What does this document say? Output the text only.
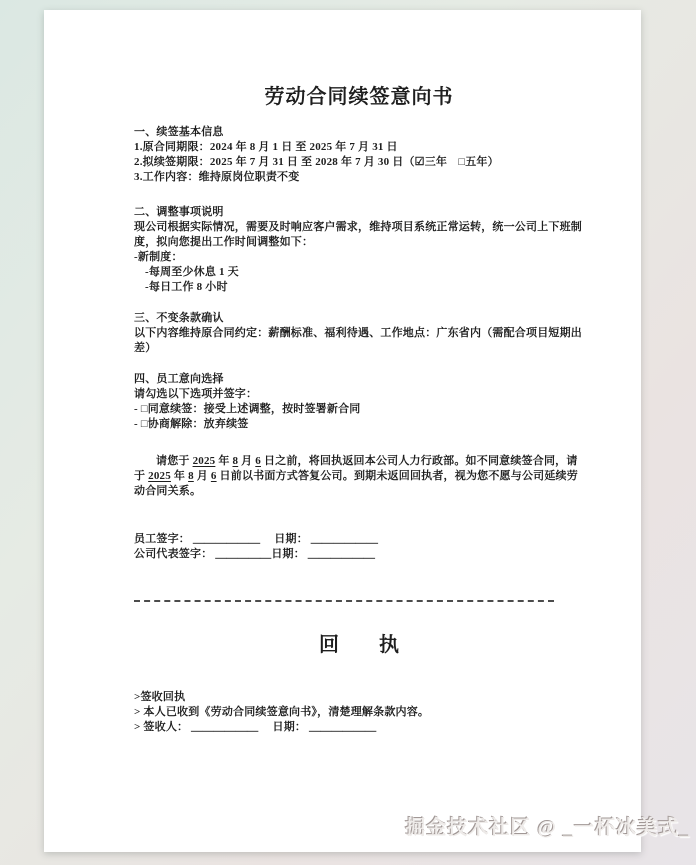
劳动合同续签意向书

一、续签基本信息

1.原合同期限：2024 年 8 月 1 日 至 2025 年 7 月 31 日

2.拟续签期限：2025 年 7 月 31 日 至 2028 年 7 月 30 日（☑三年　□五年）

3.工作内容：维持原岗位职责不变

二、调整事项说明

现公司根据实际情况，需要及时响应客户需求，维持项目系统正常运转，统一公司上下班制度，拟向您提出工作时间调整如下：

-新制度：

-每周至少休息 1 天

-每日工作 8 小时

三、不变条款确认

以下内容维持原合同约定：薪酬标准、福利待遇、工作地点：广东省内（需配合项目短期出差）

四、员工意向选择

请勾选以下选项并签字：

- □同意续签：接受上述调整，按时签署新合同

- □协商解除：放弃续签

请您于 2025 年 8 月 6 日之前，将回执返回本公司人力行政部。如不同意续签合同，请于 2025 年 8 月 6 日前以书面方式答复公司。到期未返回回执者，视为您不愿与公司延续劳动合同关系。

员工签字： ＿＿＿＿＿＿　 日期： ＿＿＿＿＿＿

公司代表签字： ＿＿＿＿＿日期： ＿＿＿＿＿＿

回　　执

>签收回执

> 本人已收到《劳动合同续签意向书》，清楚理解条款内容。

> 签收人： ＿＿＿＿＿＿　 日期： ＿＿＿＿＿＿

掘金技术社区 @ _一杯冰美式_
